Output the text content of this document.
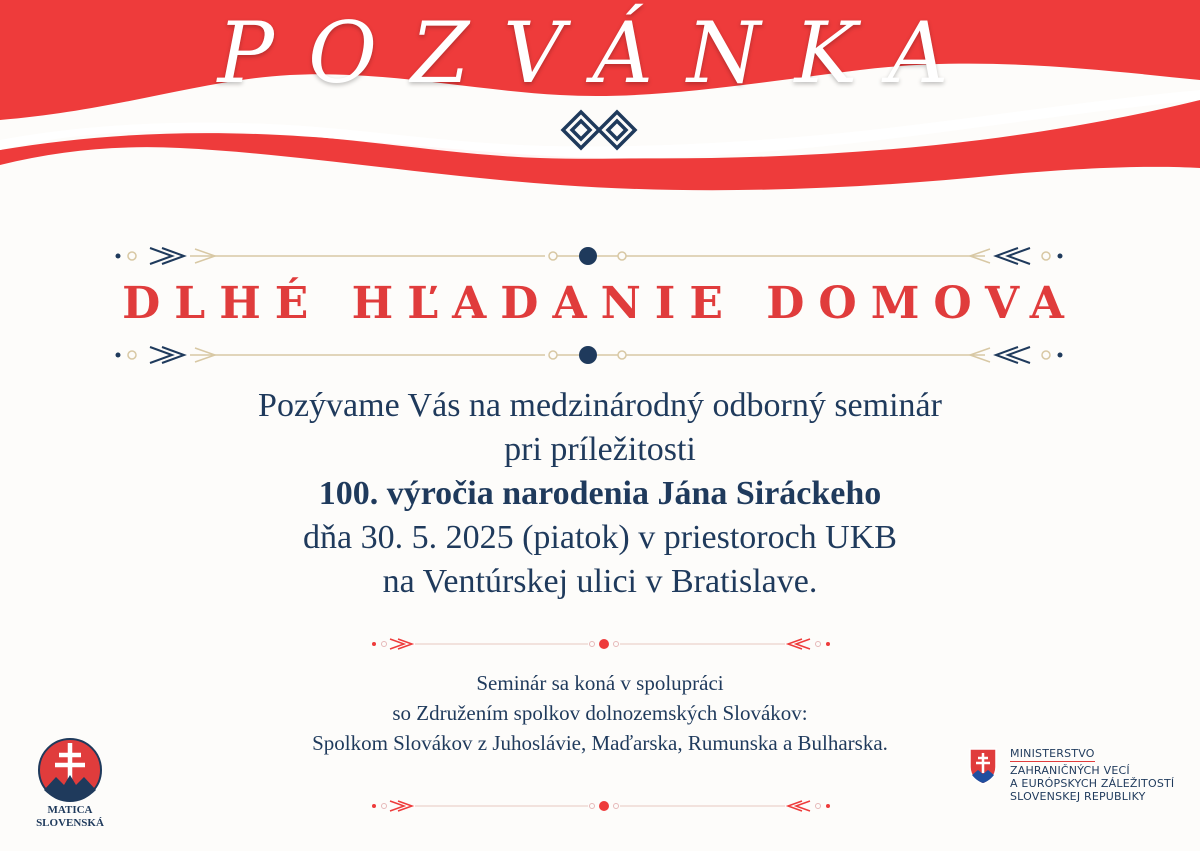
POZVÁNKA
DLHÉ HĽADANIE DOMOVA
Pozývame Vás na medzinárodný odborný seminár
pri príležitosti
100. výročia narodenia Jána Siráckeho
dňa 30. 5. 2025 (piatok) v priestoroch UKB
na Ventúrskej ulici v Bratislave.
Seminár sa koná v spolupráci
so Združením spolkov dolnozemských Slovákov:
Spolkom Slovákov z Juhoslávie, Maďarska, Rumunska a Bulharska.
MATICA
SLOVENSKÁ
MINISTERSTVO
ZAHRANIČNÝCH VECÍ
A EURÓPSKYCH ZÁLEŽITOSTÍ
SLOVENSKEJ REPUBLIKY
